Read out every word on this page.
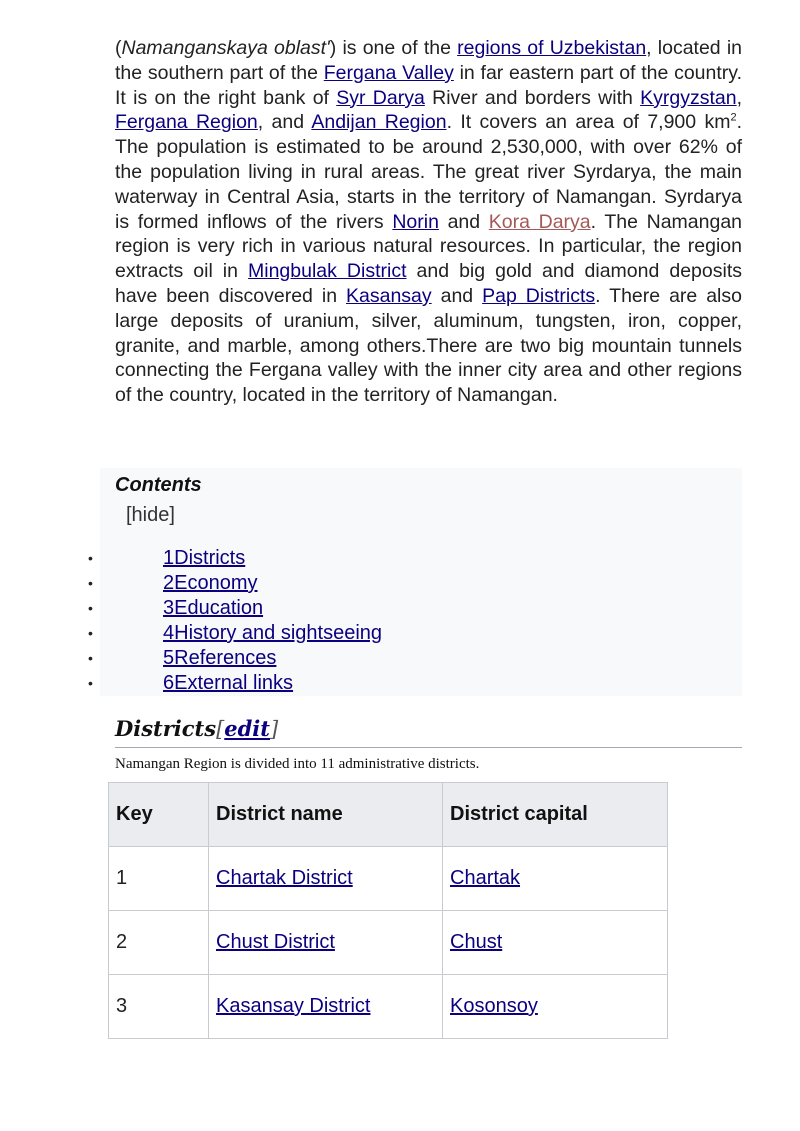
(Namanganskaya oblast') is one of the regions of Uzbekistan, located in the southern part of the Fergana Valley in far eastern part of the country. It is on the right bank of Syr Darya River and borders with Kyrgyzstan, Fergana Region, and Andijan Region. It covers an area of 7,900 $km^2$. The population is estimated to be around 2,530,000, with over 62% of the population living in rural areas. The great river Syrdarya, the main waterway in Central Asia, starts in the territory of Namangan. Syrdarya is formed inflows of the rivers Norin and Kora Darya. The Namangan region is very rich in various natural resources. In particular, the region extracts oil in Mingbulak District and big gold and diamond deposits have been discovered in Kasansay and Pap Districts. There are also large deposits of uranium, silver, aluminum, tungsten, iron, copper, granite, and marble, among others.There are two big mountain tunnels connecting the Fergana valley with the inner city area and other regions of the country, located in the territory of Namangan.

Contents
[hide]
•	1Districts
•	2Economy
•	3Education
•	4History and sightseeing
•	5References
•	6External links
Districts[edit]
Namangan Region is divided into 11 administrative districts.
Key	District name	District capital
1	Chartak District	Chartak
2	Chust District	Chust
3	Kasansay District	Kosonsoy
